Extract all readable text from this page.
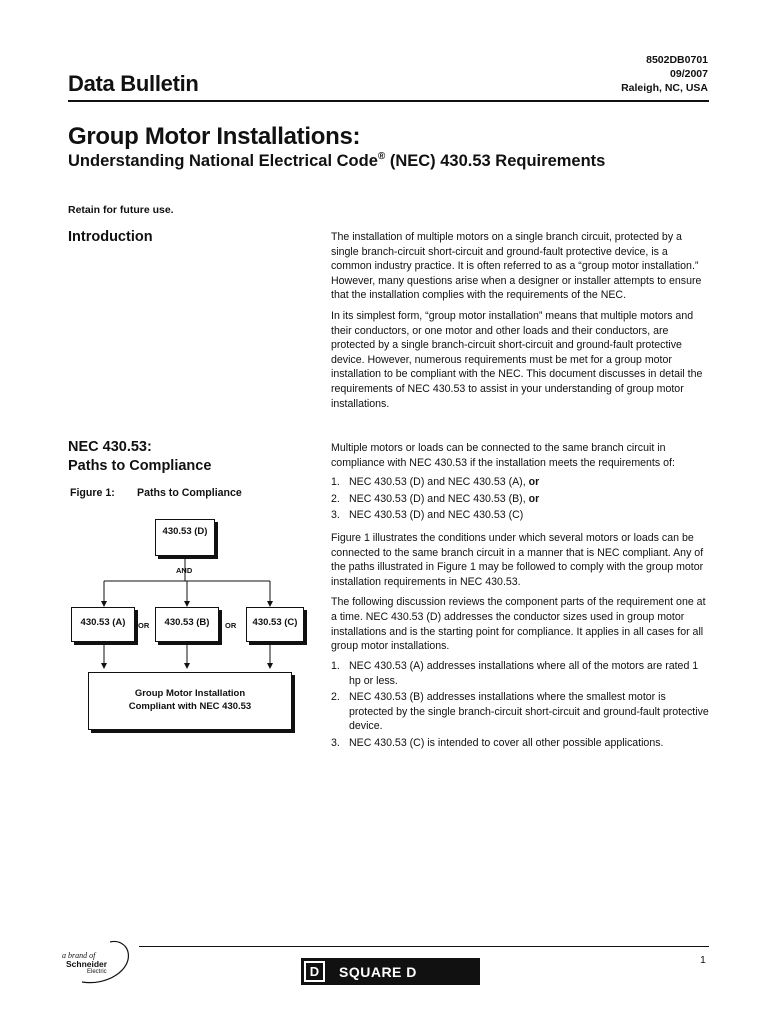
8502DB0701
09/2007
Raleigh, NC, USA
Data Bulletin
Group Motor Installations:
Understanding National Electrical Code® (NEC) 430.53 Requirements
Retain for future use.
Introduction	The installation of multiple motors on a single branch circuit, protected by a single branch-circuit short-circuit and ground-fault protective device, is a common industry practice. It is often referred to as a “group motor installation.” However, many questions arise when a designer or installer attempts to ensure that the installation complies with the requirements of the NEC.

In its simplest form, “group motor installation” means that multiple motors and their conductors, or one motor and other loads and their conductors, are protected by a single branch-circuit short-circuit and ground-fault protective device. However, numerous requirements must be met for a group motor installation to be compliant with the NEC. This document discusses in detail the requirements of NEC 430.53 to assist in your understanding of group motor installations.

NEC 430.53:
Paths to Compliance

Multiple motors or loads can be connected to the same branch circuit in compliance with NEC 430.53 if the installation meets the requirements of:

1. NEC 430.53 (D) and NEC 430.53 (A), or
2. NEC 430.53 (D) and NEC 430.53 (B), or
3. NEC 430.53 (D) and NEC 430.53 (C)

Figure 1 illustrates the conditions under which several motors or loads can be connected to the same branch circuit in a manner that is NEC compliant. Any of the paths illustrated in Figure 1 may be followed to comply with the group motor installation requirements in NEC 430.53.

The following discussion reviews the component parts of the requirement one at a time. NEC 430.53 (D) addresses the conductor sizes used in group motor installations and is the starting point for compliance. It applies in all cases for all group motor installations.

1. NEC 430.53 (A) addresses installations where all of the motors are rated 1 hp or less.
2. NEC 430.53 (B) addresses installations where the smallest motor is protected by the single branch-circuit short-circuit and ground-fault protective device.
3. NEC 430.53 (C) is intended to cover all other possible applications.
Figure 1: Paths to Compliance
430.53 (D)
AND
430.53 (A)	OR	430.53 (B)	OR	430.53 (C)
Group Motor Installation
Compliant with NEC 430.53
a brand of
Schneider
Electric
1
D	SQUARE D
